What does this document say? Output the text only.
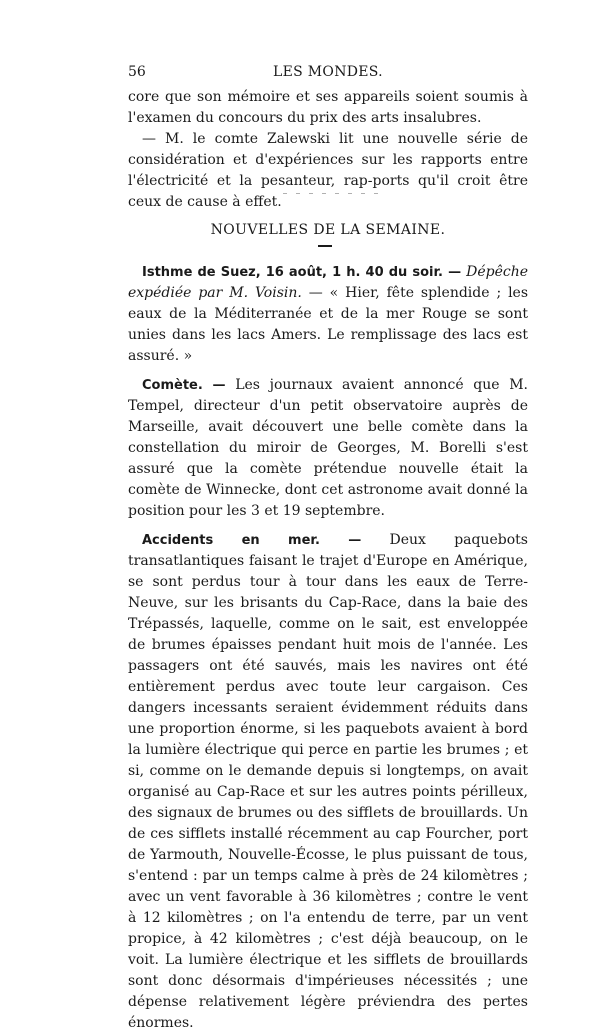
56	LES MONDES.

core que son mémoire et ses appareils soient soumis à l'examen du concours du prix des arts insalubres.

— M. le comte Zalewski lit une nouvelle série de considération et d'expériences sur les rapports entre l'électricité et la pesanteur, rap-ports qu'il croit être ceux de cause à effet.

NOUVELLES DE LA SEMAINE.

Isthme de Suez, 16 août, 1 h. 40 du soir. — Dépêche expédiée par M. Voisin. — « Hier, fête splendide ; les eaux de la Méditerranée et de la mer Rouge se sont unies dans les lacs Amers. Le remplissage des lacs est assuré. »

Comète. — Les journaux avaient annoncé que M. Tempel, directeur d'un petit observatoire auprès de Marseille, avait découvert une belle comète dans la constellation du miroir de Georges, M. Borelli s'est assuré que la comète prétendue nouvelle était la comète de Winnecke, dont cet astronome avait donné la position pour les 3 et 19 septembre.

Accidents en mer. — Deux paquebots transatlantiques faisant le trajet d'Europe en Amérique, se sont perdus tour à tour dans les eaux de Terre-Neuve, sur les brisants du Cap-Race, dans la baie des Trépassés, laquelle, comme on le sait, est enveloppée de brumes épaisses pendant huit mois de l'année. Les passagers ont été sauvés, mais les navires ont été entièrement perdus avec toute leur cargaison. Ces dangers incessants seraient évidemment réduits dans une proportion énorme, si les paquebots avaient à bord la lumière électrique qui perce en partie les brumes ; et si, comme on le demande depuis si longtemps, on avait organisé au Cap-Race et sur les autres points périlleux, des signaux de brumes ou des sifflets de brouillards. Un de ces sifflets installé récemment au cap Fourcher, port de Yarmouth, Nouvelle-Écosse, le plus puissant de tous, s'entend : par un temps calme à près de 24 kilomètres ; avec un vent favorable à 36 kilomètres ; contre le vent à 12 kilomètres ; on l'a entendu de terre, par un vent propice, à 42 kilomètres ; c'est déjà beaucoup, on le voit. La lumière électrique et les sifflets de brouillards sont donc désormais d'impérieuses nécessités ; une dépense relativement légère préviendra des pertes énormes.
